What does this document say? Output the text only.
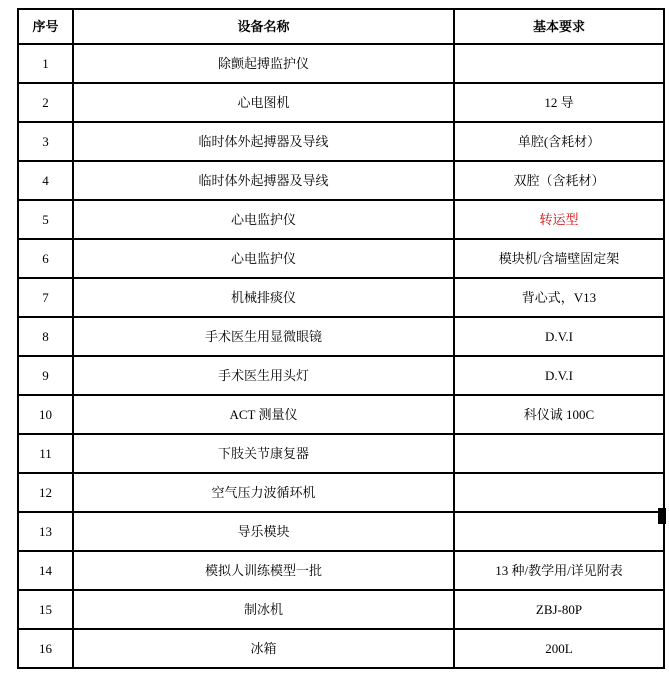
序号	设备名称	基本要求
1	除颤起搏监护仪	
2	心电图机	12 导
3	临时体外起搏器及导线	单腔(含耗材）
4	临时体外起搏器及导线	双腔（含耗材）
5	心电监护仪	转运型
6	心电监护仪	模块机/含墙壁固定架
7	机械排痰仪	背心式，V13
8	手术医生用显微眼镜	D.V.I
9	手术医生用头灯	D.V.I
10	ACT 测量仪	科仪诚 100C
11	下肢关节康复器	
12	空气压力波循环机	
13	导乐模块	
14	模拟人训练模型一批	13 种/教学用/详见附表
15	制冰机	ZBJ-80P
16	冰箱	200L
